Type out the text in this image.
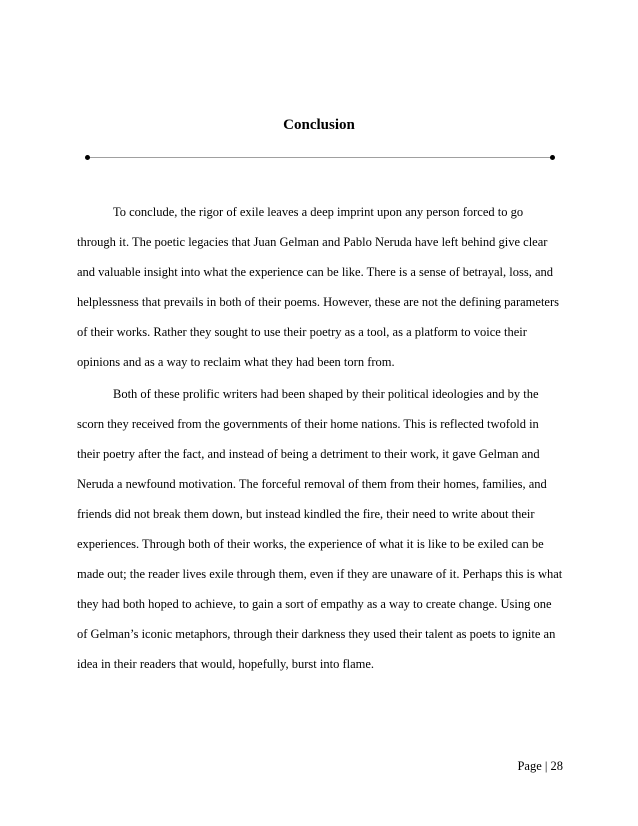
Conclusion
To conclude, the rigor of exile leaves a deep imprint upon any person forced to go
through it. The poetic legacies that Juan Gelman and Pablo Neruda have left behind give clear
and valuable insight into what the experience can be like. There is a sense of betrayal, loss, and
helplessness that prevails in both of their poems. However, these are not the defining parameters
of their works. Rather they sought to use their poetry as a tool, as a platform to voice their
opinions and as a way to reclaim what they had been torn from.
Both of these prolific writers had been shaped by their political ideologies and by the
scorn they received from the governments of their home nations. This is reflected twofold in
their poetry after the fact, and instead of being a detriment to their work, it gave Gelman and
Neruda a newfound motivation. The forceful removal of them from their homes, families, and
friends did not break them down, but instead kindled the fire, their need to write about their
experiences. Through both of their works, the experience of what it is like to be exiled can be
made out; the reader lives exile through them, even if they are unaware of it. Perhaps this is what
they had both hoped to achieve, to gain a sort of empathy as a way to create change. Using one
of Gelman’s iconic metaphors, through their darkness they used their talent as poets to ignite an
idea in their readers that would, hopefully, burst into flame.
Page | 28
